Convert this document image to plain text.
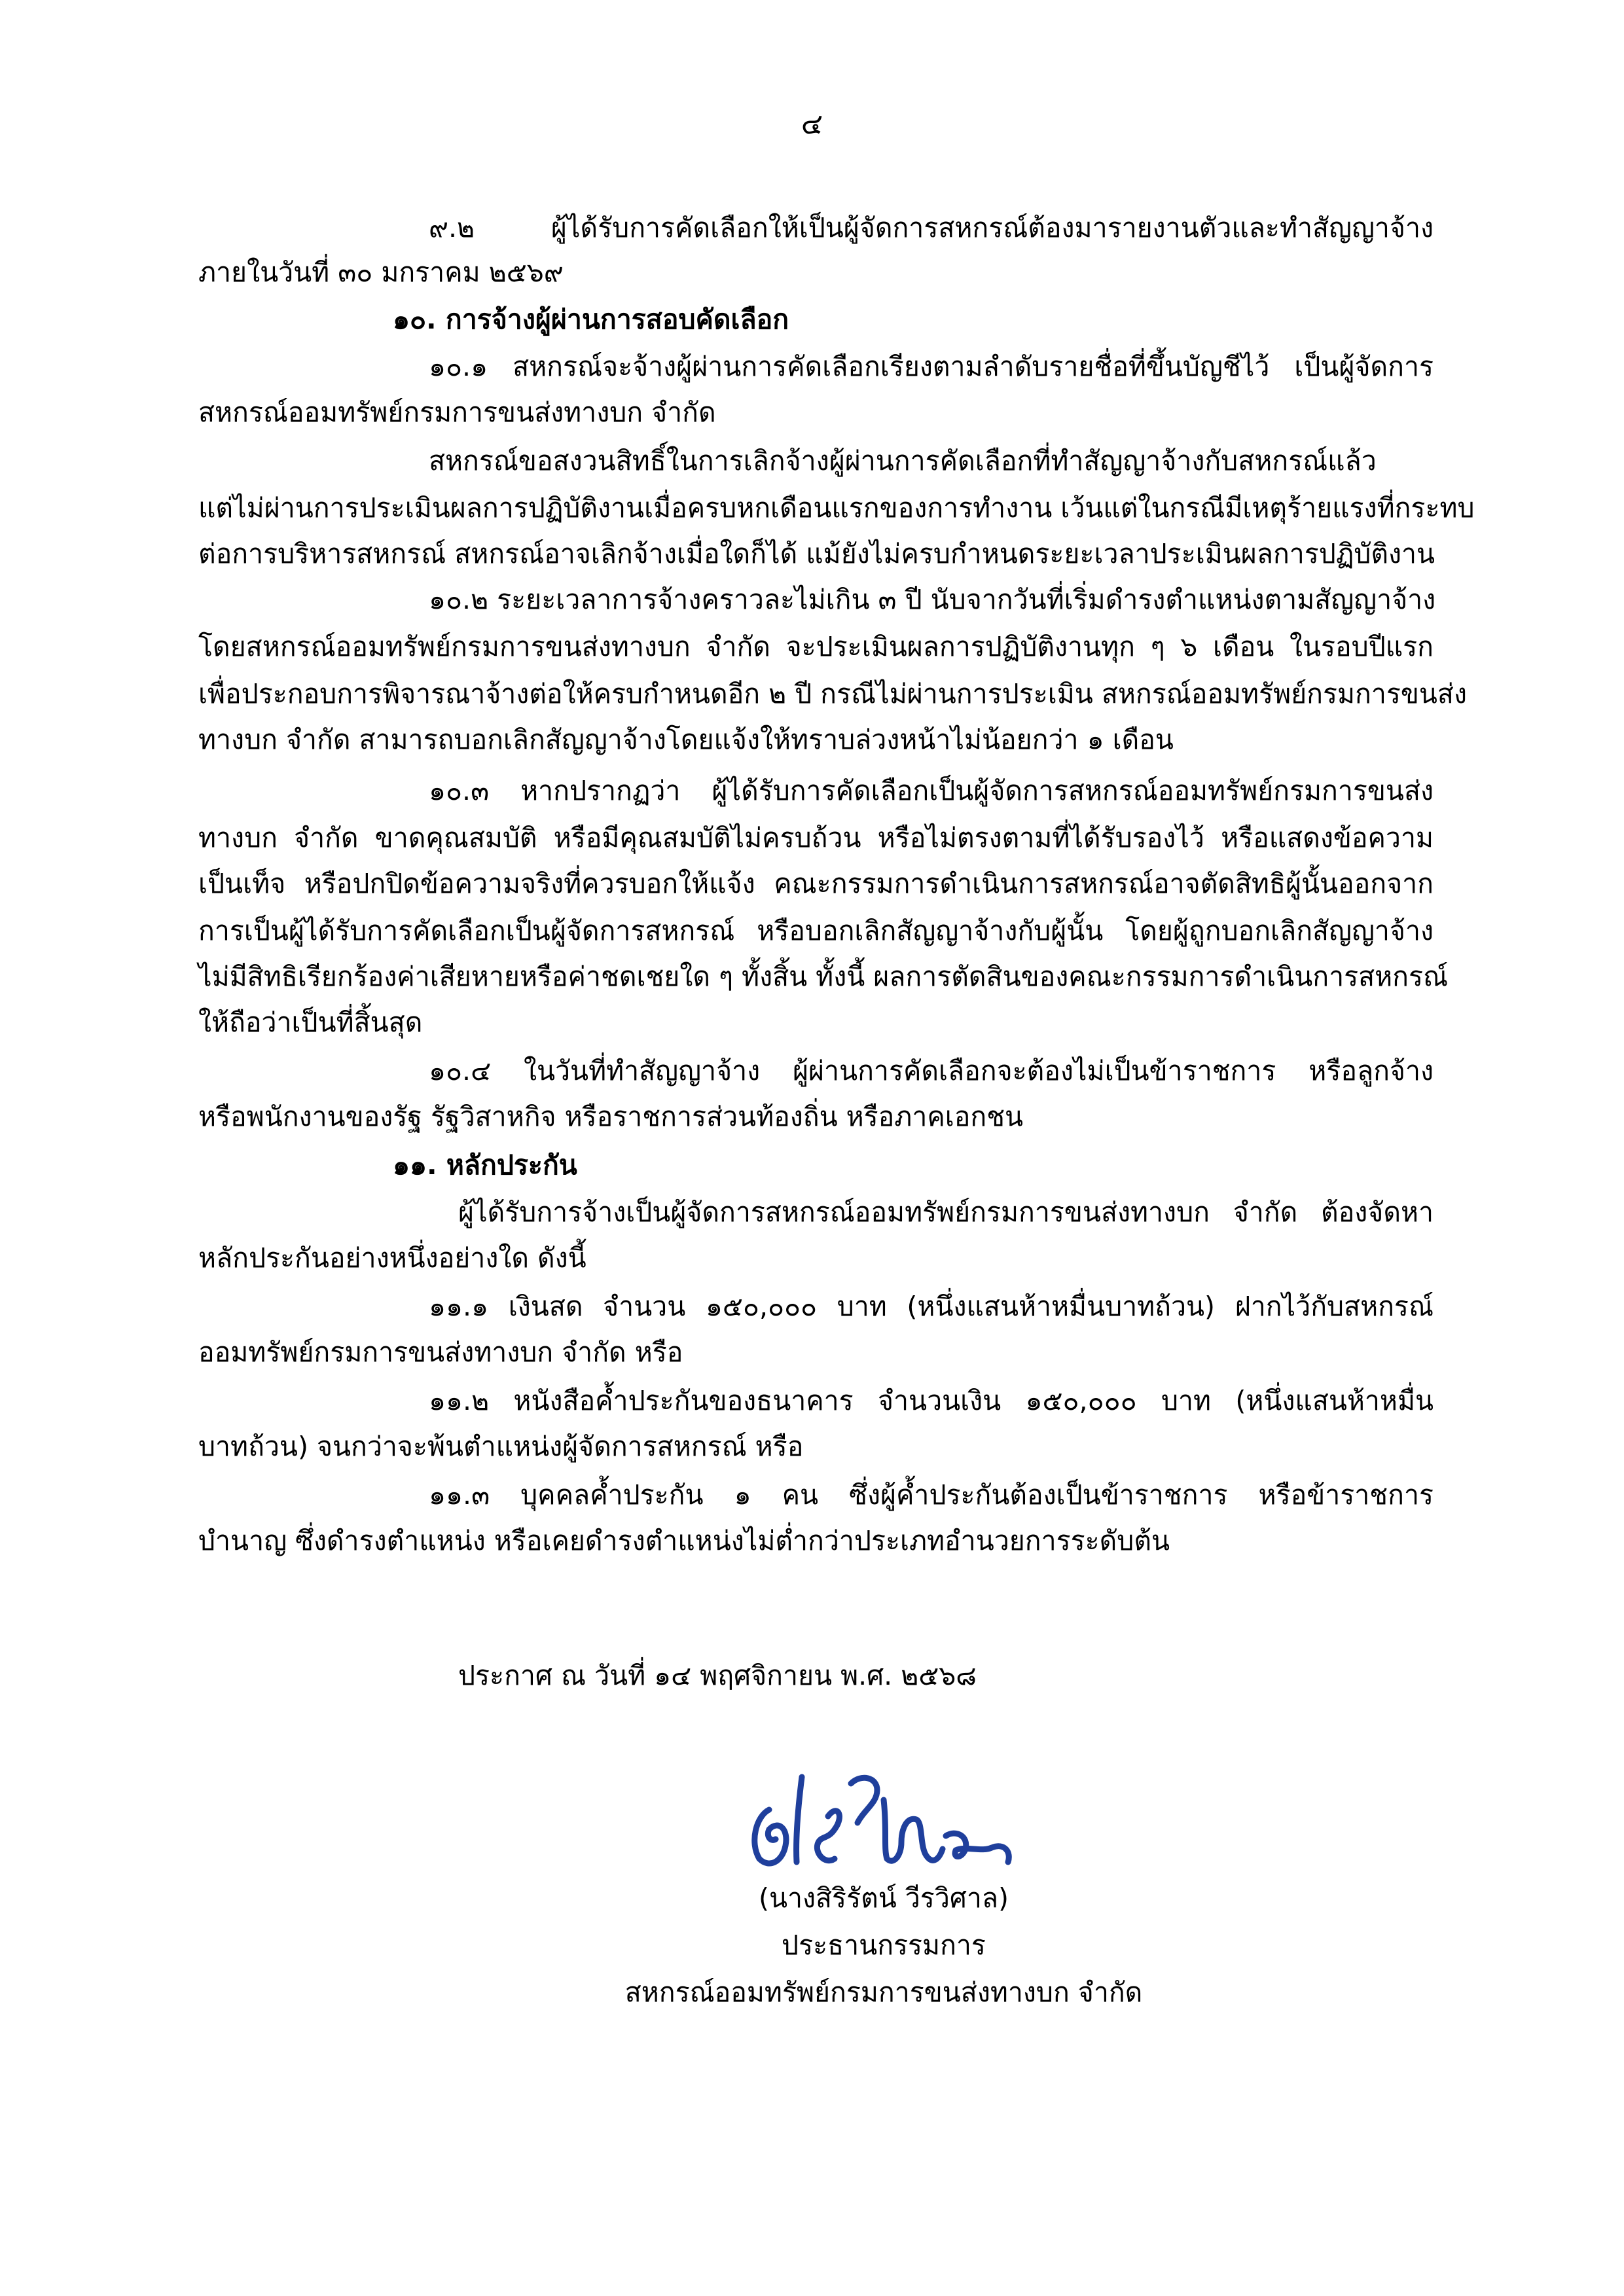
๔
๙.๒ ผู้ได้รับการคัดเลือกให้เป็นผู้จัดการสหกรณ์ต้องมารายงานตัวและทำสัญญาจ้าง
ภายในวันที่ ๓๐ มกราคม ๒๕๖๙
๑๐. การจ้างผู้ผ่านการสอบคัดเลือก
๑๐.๑ สหกรณ์จะจ้างผู้ผ่านการคัดเลือกเรียงตามลำดับรายชื่อที่ขึ้นบัญชีไว้ เป็นผู้จัดการ
สหกรณ์ออมทรัพย์กรมการขนส่งทางบก จำกัด
สหกรณ์ขอสงวนสิทธิ์ในการเลิกจ้างผู้ผ่านการคัดเลือกที่ทำสัญญาจ้างกับสหกรณ์แล้ว
แต่ไม่ผ่านการประเมินผลการปฏิบัติงานเมื่อครบหกเดือนแรกของการทำงาน เว้นแต่ในกรณีมีเหตุร้ายแรงที่กระทบ
ต่อการบริหารสหกรณ์ สหกรณ์อาจเลิกจ้างเมื่อใดก็ได้ แม้ยังไม่ครบกำหนดระยะเวลาประเมินผลการปฏิบัติงาน
๑๐.๒ ระยะเวลาการจ้างคราวละไม่เกิน ๓ ปี นับจากวันที่เริ่มดำรงตำแหน่งตามสัญญาจ้าง
โดยสหกรณ์ออมทรัพย์กรมการขนส่งทางบก จำกัด จะประเมินผลการปฏิบัติงานทุก ๆ ๖ เดือน ในรอบปีแรก
เพื่อประกอบการพิจารณาจ้างต่อให้ครบกำหนดอีก ๒ ปี กรณีไม่ผ่านการประเมิน สหกรณ์ออมทรัพย์กรมการขนส่ง
ทางบก จำกัด สามารถบอกเลิกสัญญาจ้างโดยแจ้งให้ทราบล่วงหน้าไม่น้อยกว่า ๑ เดือน
๑๐.๓ หากปรากฏว่า ผู้ได้รับการคัดเลือกเป็นผู้จัดการสหกรณ์ออมทรัพย์กรมการขนส่ง
ทางบก จำกัด ขาดคุณสมบัติ หรือมีคุณสมบัติไม่ครบถ้วน หรือไม่ตรงตามที่ได้รับรองไว้ หรือแสดงข้อความ
เป็นเท็จ หรือปกปิดข้อความจริงที่ควรบอกให้แจ้ง คณะกรรมการดำเนินการสหกรณ์อาจตัดสิทธิผู้นั้นออกจาก
การเป็นผู้ได้รับการคัดเลือกเป็นผู้จัดการสหกรณ์ หรือบอกเลิกสัญญาจ้างกับผู้นั้น โดยผู้ถูกบอกเลิกสัญญาจ้าง
ไม่มีสิทธิเรียกร้องค่าเสียหายหรือค่าชดเชยใด ๆ ทั้งสิ้น ทั้งนี้ ผลการตัดสินของคณะกรรมการดำเนินการสหกรณ์
ให้ถือว่าเป็นที่สิ้นสุด
๑๐.๔ ในวันที่ทำสัญญาจ้าง ผู้ผ่านการคัดเลือกจะต้องไม่เป็นข้าราชการ หรือลูกจ้าง
หรือพนักงานของรัฐ รัฐวิสาหกิจ หรือราชการส่วนท้องถิ่น หรือภาคเอกชน
๑๑. หลักประกัน
ผู้ได้รับการจ้างเป็นผู้จัดการสหกรณ์ออมทรัพย์กรมการขนส่งทางบก จำกัด ต้องจัดหา
หลักประกันอย่างหนึ่งอย่างใด ดังนี้
๑๑.๑ เงินสด จำนวน ๑๕๐,๐๐๐ บาท (หนึ่งแสนห้าหมื่นบาทถ้วน) ฝากไว้กับสหกรณ์
ออมทรัพย์กรมการขนส่งทางบก จำกัด หรือ
๑๑.๒ หนังสือค้ำประกันของธนาคาร จำนวนเงิน ๑๕๐,๐๐๐ บาท (หนึ่งแสนห้าหมื่น
บาทถ้วน) จนกว่าจะพ้นตำแหน่งผู้จัดการสหกรณ์ หรือ
๑๑.๓ บุคคลค้ำประกัน ๑ คน ซึ่งผู้ค้ำประกันต้องเป็นข้าราชการ หรือข้าราชการ
บำนาญ ซึ่งดำรงตำแหน่ง หรือเคยดำรงตำแหน่งไม่ต่ำกว่าประเภทอำนวยการระดับต้น
ประกาศ ณ วันที่ ๑๔ พฤศจิกายน พ.ศ. ๒๕๖๘
(นางสิริรัตน์ วีรวิศาล)
ประธานกรรมการ
สหกรณ์ออมทรัพย์กรมการขนส่งทางบก จำกัด
